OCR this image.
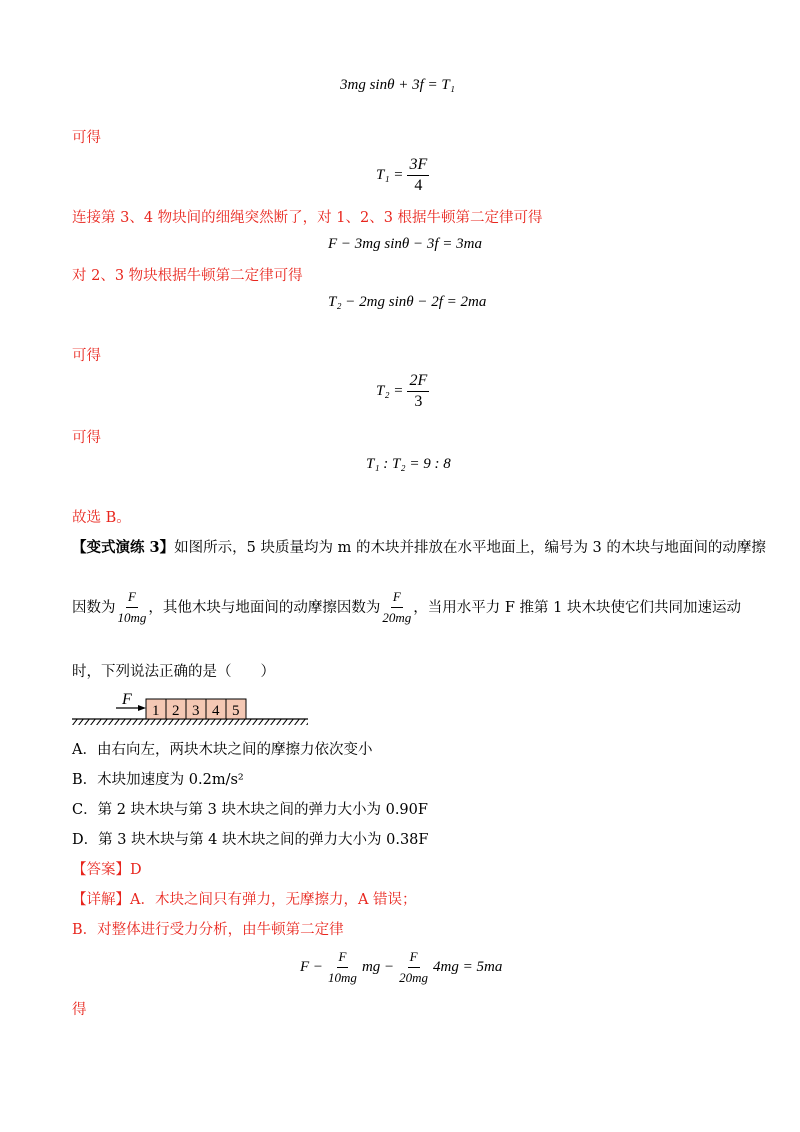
3mg sinθ + 3f = T₁
可得
$T_1 = \frac{3F}{4}$
连接第 3、4 物块间的细绳突然断了，对 1、2、3 根据牛顿第二定律可得
F − 3mg sinθ − 3f = 3ma
对 2、3 物块根据牛顿第二定律可得
T₂ − 2mg sinθ − 2f = 2ma
可得
$T_2 = \frac{2F}{3}$
可得
T₁ : T₂ = 9 : 8
故选 B。
【变式演练 3】如图所示，5 块质量均为 m 的木块并排放在水平地面上，编号为 3 的木块与地面间的动摩擦
因数为 $\frac{F}{10mg}$ ，其他木块与地面间的动摩擦因数为 $\frac{F}{20mg}$ ，当用水平力 F 推第 1 块木块使它们共同加速运动
时，下列说法正确的是（　　）
F
1 2 3 4 5
A．由右向左，两块木块之间的摩擦力依次变小
B．木块加速度为 0.2m/s²
C．第 2 块木块与第 3 块木块之间的弹力大小为 0.90F
D．第 3 块木块与第 4 块木块之间的弹力大小为 0.38F
【答案】D
【详解】A．木块之间只有弹力，无摩擦力，A 错误；
B．对整体进行受力分析，由牛顿第二定律
$F - \frac{F}{10mg}$ mg − $\frac{F}{20mg} 4mg = 5ma$
得
